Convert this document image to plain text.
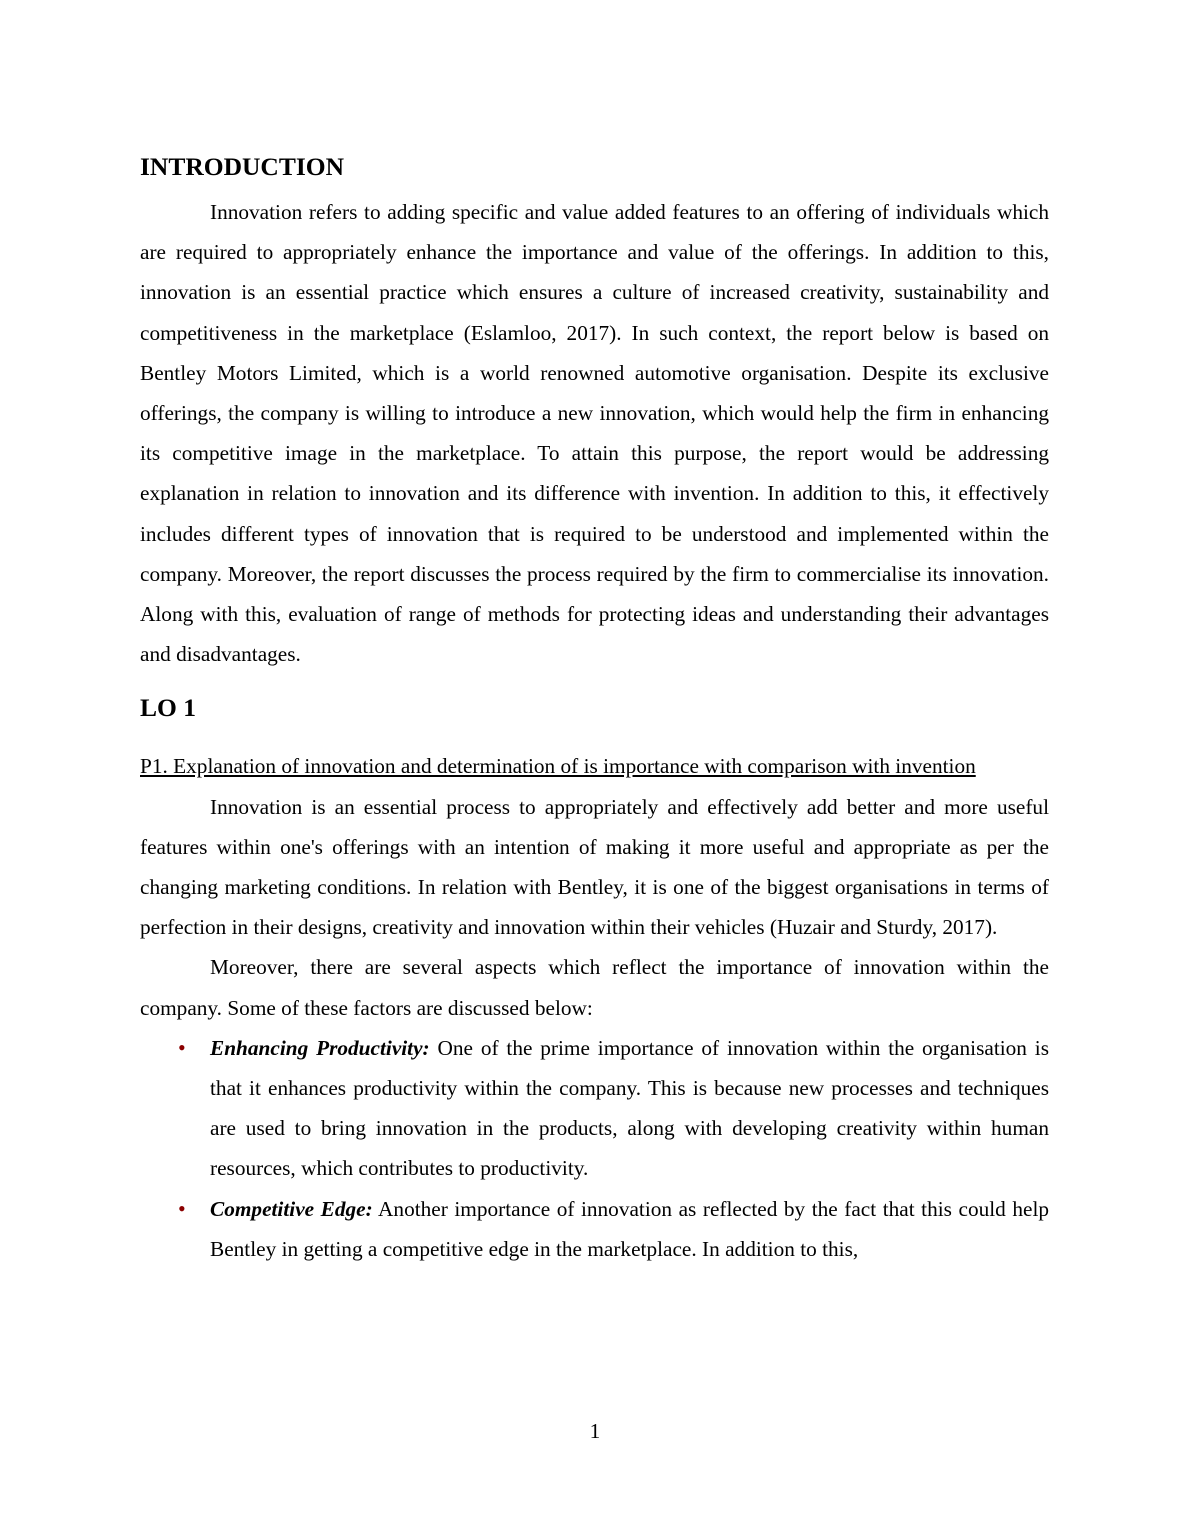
INTRODUCTION

Innovation refers to adding specific and value added features to an offering of individuals which are required to appropriately enhance the importance and value of the offerings. In addition to this, innovation is an essential practice which ensures a culture of increased creativity, sustainability and competitiveness in the marketplace (Eslamloo, 2017). In such context, the report below is based on Bentley Motors Limited, which is a world renowned automotive organisation. Despite its exclusive offerings, the company is willing to introduce a new innovation, which would help the firm in enhancing its competitive image in the marketplace. To attain this purpose, the report would be addressing explanation in relation to innovation and its difference with invention. In addition to this, it effectively includes different types of innovation that is required to be understood and implemented within the company. Moreover, the report discusses the process required by the firm to commercialise its innovation. Along with this, evaluation of range of methods for protecting ideas and understanding their advantages and disadvantages.

LO 1

P1. Explanation of innovation and determination of is importance with comparison with invention

Innovation is an essential process to appropriately and effectively add better and more useful features within one's offerings with an intention of making it more useful and appropriate as per the changing marketing conditions. In relation with Bentley, it is one of the biggest organisations in terms of perfection in their designs, creativity and innovation within their vehicles (Huzair and Sturdy, 2017).

Moreover, there are several aspects which reflect the importance of innovation within the company. Some of these factors are discussed below:

• Enhancing Productivity: One of the prime importance of innovation within the organisation is that it enhances productivity within the company. This is because new processes and techniques are used to bring innovation in the products, along with developing creativity within human resources, which contributes to productivity.
• Competitive Edge: Another importance of innovation as reflected by the fact that this could help Bentley in getting a competitive edge in the marketplace. In addition to this,
1
